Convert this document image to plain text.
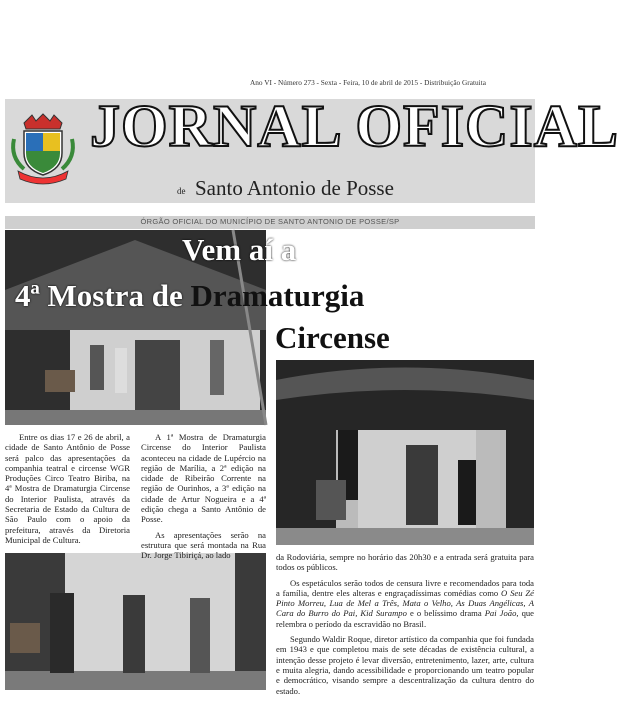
Ano VI - Número 273 - Sexta - Feira, 10 de abril de 2015 - Distribuição Gratuita
JORNAL OFICIAL
de Santo Antonio de Posse
ÓRGÃO OFICIAL DO MUNICÍPIO DE SANTO ANTONIO DE POSSE/SP
Vem aí a
4ª Mostra de Dramaturgia
Circense

Entre os dias 17 e 26 de abril, a cidade de Santo Antônio de Posse será palco das apresentações da companhia teatral e circense WGR Produções Circo Teatro Biriba, na 4ª Mostra de Dramaturgia Circense do Interior Paulista, através da Secretaria de Estado da Cultura de São Paulo com o apoio da prefeitura, através da Diretoria Municipal de Cultura.

A 1ª Mostra de Dramaturgia Circense do Interior Paulista aconteceu na cidade de Lupércio na região de Marília, a 2ª edição na cidade de Ribeirão Corrente na região de Ourinhos, a 3ª edição na cidade de Artur Nogueira e a 4ª edição chega a Santo Antônio de Posse.

As apresentações serão na estrutura que será montada na Rua Dr. Jorge Tibiriçá, ao lado	da Rodoviária, sempre no horário das 20h30 e a entrada será gratuita para todos os públicos.

Os espetáculos serão todos de censura livre e recomendados para toda a família, dentre eles alteras e engraçadíssimas comédias como O Seu Zé Pinto Morreu, Lua de Mel a Três, Mata o Velho, As Duas Angélicas, A Cara do Burro do Pai, Kid Surampo e o belíssimo drama Pai João, que relembra o período da escravidão no Brasil.

Segundo Waldir Roque, diretor artístico da companhia que foi fundada em 1943 e que completou mais de sete décadas de existência cultural, a intenção desse projeto é levar diversão, entretenimento, lazer, arte, cultura e muita alegria, dando acessibilidade e proporcionando um teatro popular e democrático, visando sempre a descentralização da cultura dentro do estado.
